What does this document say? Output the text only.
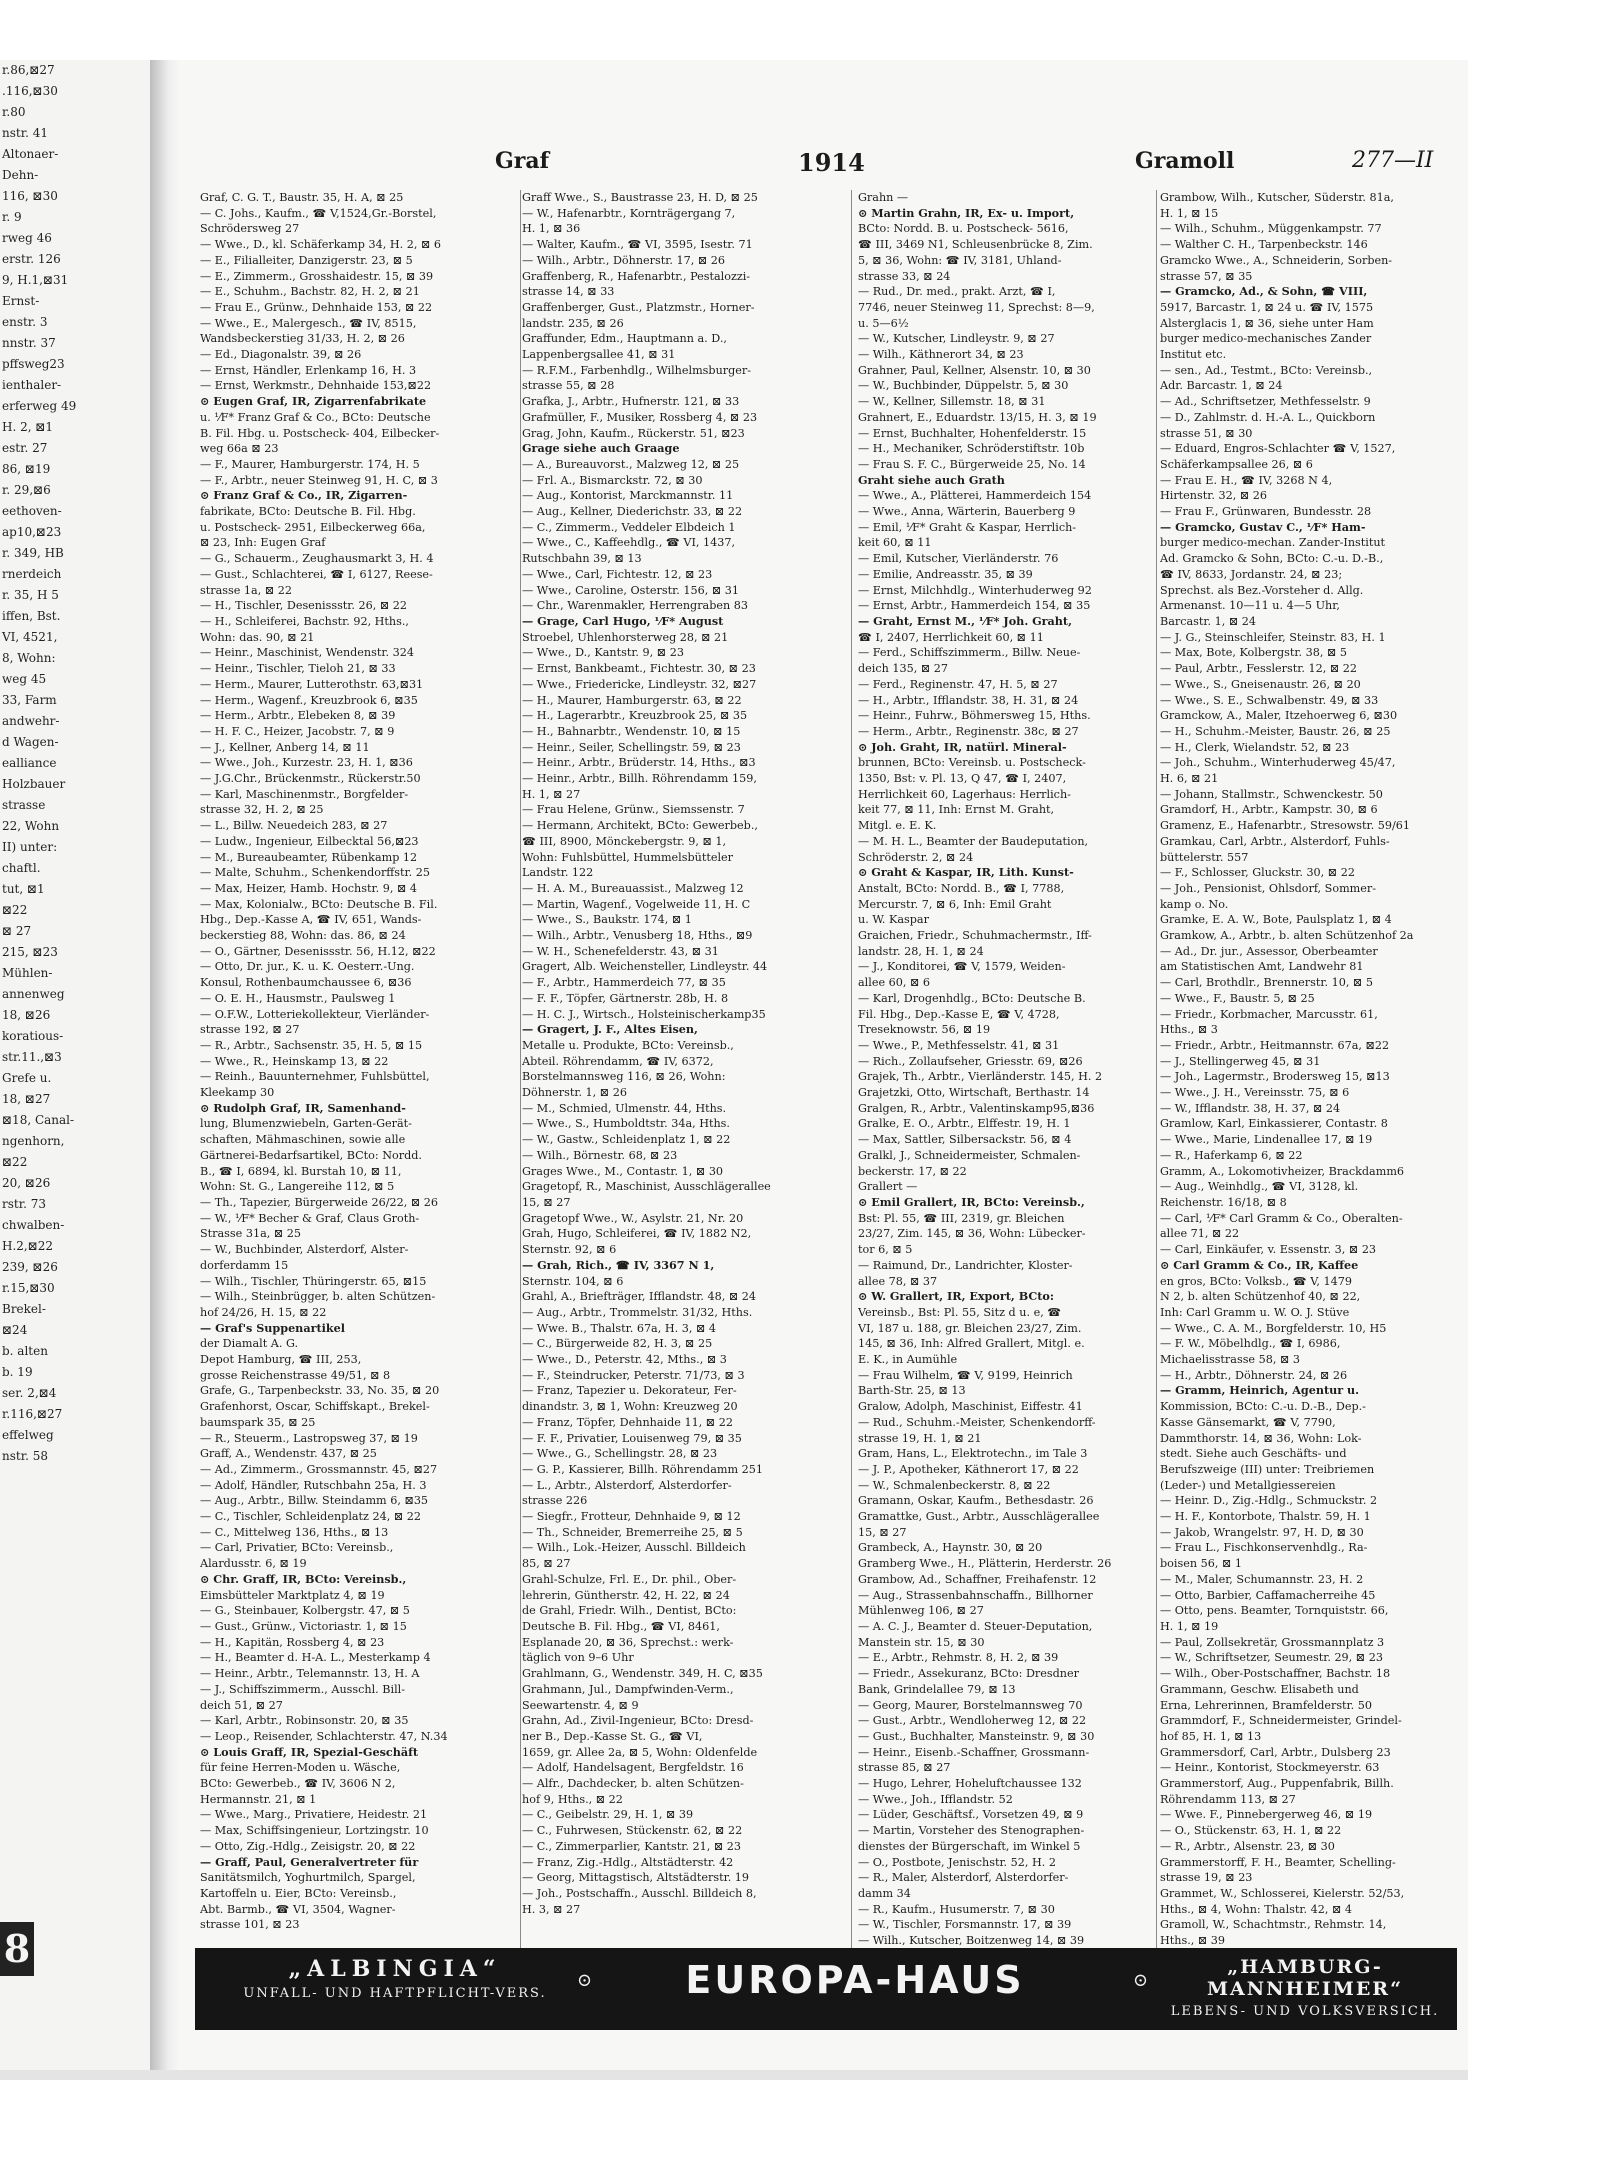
r.86,⊠27
.116,⊠30
r.80
nstr. 41
Altonaer-
Dehn-
116, ⊠30
r. 9
rweg 46
erstr. 126
9, H.1,⊠31
Ernst-
enstr. 3
nnstr. 37
pffsweg23
ienthaler-
erferweg 49
H. 2, ⊠1
estr. 27
86, ⊠19
r. 29,⊠6
eethoven-
ap10,⊠23
r. 349, HB
rnerdeich
r. 35, H 5
iffen, Bst.
VI, 4521,
8, Wohn:
weg 45
33, Farm
andwehr-
d Wagen-
ealliance
Holzbauer
strasse
22, Wohn
II) unter:
chaftl.
tut, ⊠1
⊠22
⊠ 27
215, ⊠23
Mühlen-
annenweg
18, ⊠26
koratious-
str.11.,⊠3
Grefe u.
18, ⊠27
⊠18, Canal-
ngenhorn,
⊠22
20, ⊠26
rstr. 73
chwalben-
H.2,⊠22
239, ⊠26
r.15,⊠30
Brekel-
⊠24
b. alten
b. 19
ser. 2,⊠4
r.116,⊠27
effelweg
nstr. 58
8
Graf	1914	Gramoll	277—II

Graf, C. G. T., Baustr. 35, H. A, ⊠ 25

— C. Johs., Kaufm., ☎ V,1524,Gr.-Borstel,

Schrödersweg 27

— Wwe., D., kl. Schäferkamp 34, H. 2, ⊠ 6

— E., Filialleiter, Danzigerstr. 23, ⊠ 5

— E., Zimmerm., Grosshaidestr. 15, ⊠ 39

— E., Schuhm., Bachstr. 82, H. 2, ⊠ 21

— Frau E., Grünw., Dehnhaide 153, ⊠ 22

— Wwe., E., Malergesch., ☎ IV, 8515,

Wandsbeckerstieg 31/33, H. 2, ⊠ 26

— Ed., Diagonalstr. 39, ⊠ 26

— Ernst, Händler, Erlenkamp 16, H. 3

— Ernst, Werkmstr., Dehnhaide 153,⊠22

⊙ Eugen Graf, IR, Zigarrenfabrikate

u. ⅟F* Franz Graf & Co., BCto: Deutsche

B. Fil. Hbg. u. Postscheck- 404, Eilbecker-

weg 66a ⊠ 23

— F., Maurer, Hamburgerstr. 174, H. 5

— F., Arbtr., neuer Steinweg 91, H. C, ⊠ 3

⊙ Franz Graf & Co., IR, Zigarren-

fabrikate, BCto: Deutsche B. Fil. Hbg.

u. Postscheck- 2951, Eilbeckerweg 66a,

⊠ 23, Inh: Eugen Graf

— G., Schauerm., Zeughausmarkt 3, H. 4

— Gust., Schlachterei, ☎ I, 6127, Reese-

strasse 1a, ⊠ 22

— H., Tischler, Desenissstr. 26, ⊠ 22

— H., Schleiferei, Bachstr. 92, Hths.,

Wohn: das. 90, ⊠ 21

— Heinr., Maschinist, Wendenstr. 324

— Heinr., Tischler, Tieloh 21, ⊠ 33

— Herm., Maurer, Lutterothstr. 63,⊠31

— Herm., Wagenf., Kreuzbrook 6, ⊠35

— Herm., Arbtr., Elebeken 8, ⊠ 39

— H. F. C., Heizer, Jacobstr. 7, ⊠ 9

— J., Kellner, Anberg 14, ⊠ 11

— Wwe., Joh., Kurzestr. 23, H. 1, ⊠36

— J.G.Chr., Brückenmstr., Rückerstr.50

— Karl, Maschinenmstr., Borgfelder-

strasse 32, H. 2, ⊠ 25

— L., Billw. Neuedeich 283, ⊠ 27

— Ludw., Ingenieur, Eilbecktal 56,⊠23

— M., Bureaubeamter, Rübenkamp 12

— Malte, Schuhm., Schenkendorffstr. 25

— Max, Heizer, Hamb. Hochstr. 9, ⊠ 4

— Max, Kolonialw., BCto: Deutsche B. Fil.

Hbg., Dep.-Kasse A, ☎ IV, 651, Wands-

beckerstieg 88, Wohn: das. 86, ⊠ 24

— O., Gärtner, Desenissstr. 56, H.12, ⊠22

— Otto, Dr. jur., K. u. K. Oesterr.-Ung.

Konsul, Rothenbaumchaussee 6, ⊠36

— O. E. H., Hausmstr., Paulsweg 1

— O.F.W., Lotteriekollekteur, Vierländer-

strasse 192, ⊠ 27

— R., Arbtr., Sachsenstr. 35, H. 5, ⊠ 15

— Wwe., R., Heinskamp 13, ⊠ 22

— Reinh., Bauunternehmer, Fuhlsbüttel,

Kleekamp 30

⊙ Rudolph Graf, IR, Samenhand-

lung, Blumenzwiebeln, Garten-Gerät-

schaften, Mähmaschinen, sowie alle

Gärtnerei-Bedarfsartikel, BCto: Nordd.

B., ☎ I, 6894, kl. Burstah 10, ⊠ 11,

Wohn: St. G., Langereihe 112, ⊠ 5

— Th., Tapezier, Bürgerweide 26/22, ⊠ 26

— W., ⅟F* Becher & Graf, Claus Groth-

Strasse 31a, ⊠ 25

— W., Buchbinder, Alsterdorf, Alster-

dorferdamm 15

— Wilh., Tischler, Thüringerstr. 65, ⊠15

— Wilh., Steinbrügger, b. alten Schützen-

hof 24/26, H. 15, ⊠ 22

— Graf's Suppenartikel

der Diamalt A. G.

Depot Hamburg, ☎ III, 253,

grosse Reichenstrasse 49/51, ⊠ 8

Grafe, G., Tarpenbeckstr. 33, No. 35, ⊠ 20

Grafenhorst, Oscar, Schiffskapt., Brekel-

baumspark 35, ⊠ 25

— R., Steuerm., Lastropsweg 37, ⊠ 19

Graff, A., Wendenstr. 437, ⊠ 25

— Ad., Zimmerm., Grossmannstr. 45, ⊠27

— Adolf, Händler, Rutschbahn 25a, H. 3

— Aug., Arbtr., Billw. Steindamm 6, ⊠35

— C., Tischler, Schleidenplatz 24, ⊠ 22

— C., Mittelweg 136, Hths., ⊠ 13

— Carl, Privatier, BCto: Vereinsb.,

Alardusstr. 6, ⊠ 19

⊙ Chr. Graff, IR, BCto: Vereinsb.,

Eimsbütteler Marktplatz 4, ⊠ 19

— G., Steinbauer, Kolbergstr. 47, ⊠ 5

— Gust., Grünw., Victoriastr. 1, ⊠ 15

— H., Kapitän, Rossberg 4, ⊠ 23

— H., Beamter d. H-A. L., Mesterkamp 4

— Heinr., Arbtr., Telemannstr. 13, H. A

— J., Schiffszimmerm., Ausschl. Bill-

deich 51, ⊠ 27

— Karl, Arbtr., Robinsonstr. 20, ⊠ 35

— Leop., Reisender, Schlachterstr. 47, N.34

⊙ Louis Graff, IR, Spezial-Geschäft

für feine Herren-Moden u. Wäsche,

BCto: Gewerbeb., ☎ IV, 3606 N 2,

Hermannstr. 21, ⊠ 1

— Wwe., Marg., Privatiere, Heidestr. 21

— Max, Schiffsingenieur, Lortzingstr. 10

— Otto, Zig.-Hdlg., Zeisigstr. 20, ⊠ 22

— Graff, Paul, Generalvertreter für

Sanitätsmilch, Yoghurtmilch, Spargel,

Kartoffeln u. Eier, BCto: Vereinsb.,

Abt. Barmb., ☎ VI, 3504, Wagner-

strasse 101, ⊠ 23

Graff Wwe., S., Baustrasse 23, H. D, ⊠ 25

— W., Hafenarbtr., Kornträgergang 7,

H. 1, ⊠ 36

— Walter, Kaufm., ☎ VI, 3595, Isestr. 71

— Wilh., Arbtr., Döhnerstr. 17, ⊠ 26

Graffenberg, R., Hafenarbtr., Pestalozzi-

strasse 14, ⊠ 33

Graffenberger, Gust., Platzmstr., Horner-

landstr. 235, ⊠ 26

Graffunder, Edm., Hauptmann a. D.,

Lappenbergsallee 41, ⊠ 31

— R.F.M., Farbenhdlg., Wilhelmsburger-

strasse 55, ⊠ 28

Grafka, J., Arbtr., Hufnerstr. 121, ⊠ 33

Grafmüller, F., Musiker, Rossberg 4, ⊠ 23

Grag, John, Kaufm., Rückerstr. 51, ⊠23

Grage siehe auch Graage

— A., Bureauvorst., Malzweg 12, ⊠ 25

— Frl. A., Bismarckstr. 72, ⊠ 30

— Aug., Kontorist, Marckmannstr. 11

— Aug., Kellner, Diederichstr. 33, ⊠ 22

— C., Zimmerm., Veddeler Elbdeich 1

— Wwe., C., Kaffeehdlg., ☎ VI, 1437,

Rutschbahn 39, ⊠ 13

— Wwe., Carl, Fichtestr. 12, ⊠ 23

— Wwe., Caroline, Osterstr. 156, ⊠ 31

— Chr., Warenmakler, Herrengraben 83

— Grage, Carl Hugo, ⅟F* August

Stroebel, Uhlenhorsterweg 28, ⊠ 21

— Wwe., D., Kantstr. 9, ⊠ 23

— Ernst, Bankbeamt., Fichtestr. 30, ⊠ 23

— Wwe., Friedericke, Lindleystr. 32, ⊠27

— H., Maurer, Hamburgerstr. 63, ⊠ 22

— H., Lagerarbtr., Kreuzbrook 25, ⊠ 35

— H., Bahnarbtr., Wendenstr. 10, ⊠ 15

— Heinr., Seiler, Schellingstr. 59, ⊠ 23

— Heinr., Arbtr., Brüderstr. 14, Hths., ⊠3

— Heinr., Arbtr., Billh. Röhrendamm 159,

H. 1, ⊠ 27

— Frau Helene, Grünw., Siemssenstr. 7

— Hermann, Architekt, BCto: Gewerbeb.,

☎ III, 8900, Mönckebergstr. 9, ⊠ 1,

Wohn: Fuhlsbüttel, Hummelsbütteler

Landstr. 122

— H. A. M., Bureauassist., Malzweg 12

— Martin, Wagenf., Vogelweide 11, H. C

— Wwe., S., Baukstr. 174, ⊠ 1

— Wilh., Arbtr., Venusberg 18, Hths., ⊠9

— W. H., Schenefelderstr. 43, ⊠ 31

Gragert, Alb. Weichensteller, Lindleystr. 44

— F., Arbtr., Hammerdeich 77, ⊠ 35

— F. F., Töpfer, Gärtnerstr. 28b, H. 8

— H. C. J., Wirtsch., Holsteinischerkamp35

— Gragert, J. F., Altes Eisen,

Metalle u. Produkte, BCto: Vereinsb.,

Abteil. Röhrendamm, ☎ IV, 6372,

Borstelmannsweg 116, ⊠ 26, Wohn:

Döhnerstr. 1, ⊠ 26

— M., Schmied, Ulmenstr. 44, Hths.

— Wwe., S., Humboldtstr. 34a, Hths.

— W., Gastw., Schleidenplatz 1, ⊠ 22

— Wilh., Börnestr. 68, ⊠ 23

Grages Wwe., M., Contastr. 1, ⊠ 30

Gragetopf, R., Maschinist, Ausschlägerallee

15, ⊠ 27

Gragetopf Wwe., W., Asylstr. 21, Nr. 20

Grah, Hugo, Schleiferei, ☎ IV, 1882 N2,

Sternstr. 92, ⊠ 6

— Grah, Rich., ☎ IV, 3367 N 1,

Sternstr. 104, ⊠ 6

Grahl, A., Briefträger, Ifflandstr. 48, ⊠ 24

— Aug., Arbtr., Trommelstr. 31/32, Hths.

— Wwe. B., Thalstr. 67a, H. 3, ⊠ 4

— C., Bürgerweide 82, H. 3, ⊠ 25

— Wwe., D., Peterstr. 42, Mths., ⊠ 3

— F., Steindrucker, Peterstr. 71/73, ⊠ 3

— Franz, Tapezier u. Dekorateur, Fer-

dinandstr. 3, ⊠ 1, Wohn: Kreuzweg 20

— Franz, Töpfer, Dehnhaide 11, ⊠ 22

— F. F., Privatier, Louisenweg 79, ⊠ 35

— Wwe., G., Schellingstr. 28, ⊠ 23

— G. P., Kassierer, Billh. Röhrendamm 251

— L., Arbtr., Alsterdorf, Alsterdorfer-

strasse 226

— Siegfr., Frotteur, Dehnhaide 9, ⊠ 12

— Th., Schneider, Bremerreihe 25, ⊠ 5

— Wilh., Lok.-Heizer, Ausschl. Billdeich

85, ⊠ 27

Grahl-Schulze, Frl. E., Dr. phil., Ober-

lehrerin, Güntherstr. 42, H. 22, ⊠ 24

de Grahl, Friedr. Wilh., Dentist, BCto:

Deutsche B. Fil. Hbg., ☎ VI, 8461,

Esplanade 20, ⊠ 36, Sprechst.: werk-

täglich von 9–6 Uhr

Grahlmann, G., Wendenstr. 349, H. C, ⊠35

Grahmann, Jul., Dampfwinden-Verm.,

Seewartenstr. 4, ⊠ 9

Grahn, Ad., Zivil-Ingenieur, BCto: Dresd-

ner B., Dep.-Kasse St. G., ☎ VI,

1659, gr. Allee 2a, ⊠ 5, Wohn: Oldenfelde

— Adolf, Handelsagent, Bergfeldstr. 16

— Alfr., Dachdecker, b. alten Schützen-

hof 9, Hths., ⊠ 22

— C., Geibelstr. 29, H. 1, ⊠ 39

— C., Fuhrwesen, Stückenstr. 62, ⊠ 22

— C., Zimmerparlier, Kantstr. 21, ⊠ 23

— Franz, Zig.-Hdlg., Altstädterstr. 42

— Georg, Mittagstisch, Altstädterstr. 19

— Joh., Postschaffn., Ausschl. Billdeich 8,

H. 3, ⊠ 27

Grahn —

⊙ Martin Grahn, IR, Ex- u. Import,

BCto: Nordd. B. u. Postscheck- 5616,

☎ III, 3469 N1, Schleusenbrücke 8, Zim.

5, ⊠ 36, Wohn: ☎ IV, 3181, Uhland-

strasse 33, ⊠ 24

— Rud., Dr. med., prakt. Arzt, ☎ I,

7746, neuer Steinweg 11, Sprechst: 8—9,

u. 5—6½

— W., Kutscher, Lindleystr. 9, ⊠ 27

— Wilh., Käthnerort 34, ⊠ 23

Grahner, Paul, Kellner, Alsenstr. 10, ⊠ 30

— W., Buchbinder, Düppelstr. 5, ⊠ 30

— W., Kellner, Sillemstr. 18, ⊠ 31

Grahnert, E., Eduardstr. 13/15, H. 3, ⊠ 19

— Ernst, Buchhalter, Hohenfelderstr. 15

— H., Mechaniker, Schröderstiftstr. 10b

— Frau S. F. C., Bürgerweide 25, No. 14

Graht siehe auch Grath

— Wwe., A., Plätterei, Hammerdeich 154

— Wwe., Anna, Wärterin, Bauerberg 9

— Emil, ⅟F* Graht & Kaspar, Herrlich-

keit 60, ⊠ 11

— Emil, Kutscher, Vierländerstr. 76

— Emilie, Andreasstr. 35, ⊠ 39

— Ernst, Milchhdlg., Winterhuderweg 92

— Ernst, Arbtr., Hammerdeich 154, ⊠ 35

— Graht, Ernst M., ⅟F* Joh. Graht,

☎ I, 2407, Herrlichkeit 60, ⊠ 11

— Ferd., Schiffszimmerm., Billw. Neue-

deich 135, ⊠ 27

— Ferd., Reginenstr. 47, H. 5, ⊠ 27

— H., Arbtr., Ifflandstr. 38, H. 31, ⊠ 24

— Heinr., Fuhrw., Böhmersweg 15, Hths.

— Herm., Arbtr., Reginenstr. 38c, ⊠ 27

⊙ Joh. Graht, IR, natürl. Mineral-

brunnen, BCto: Vereinsb. u. Postscheck-

1350, Bst: v. Pl. 13, Q 47, ☎ I, 2407,

Herrlichkeit 60, Lagerhaus: Herrlich-

keit 77, ⊠ 11, Inh: Ernst M. Graht,

Mitgl. e. E. K.

— M. H. L., Beamter der Baudeputation,

Schröderstr. 2, ⊠ 24

⊙ Graht & Kaspar, IR, Lith. Kunst-

Anstalt, BCto: Nordd. B., ☎ I, 7788,

Mercurstr. 7, ⊠ 6, Inh: Emil Graht

u. W. Kaspar

Graichen, Friedr., Schuhmachermstr., Iff-

landstr. 28, H. 1, ⊠ 24

— J., Konditorei, ☎ V, 1579, Weiden-

allee 60, ⊠ 6

— Karl, Drogenhdlg., BCto: Deutsche B.

Fil. Hbg., Dep.-Kasse E, ☎ V, 4728,

Treseknowstr. 56, ⊠ 19

— Wwe., P., Methfesselstr. 41, ⊠ 31

— Rich., Zollaufseher, Griesstr. 69, ⊠26

Grajek, Th., Arbtr., Vierländerstr. 145, H. 2

Grajetzki, Otto, Wirtschaft, Berthastr. 14

Gralgen, R., Arbtr., Valentinskamp95,⊠36

Gralke, E. O., Arbtr., Elffestr. 19, H. 1

— Max, Sattler, Silbersackstr. 56, ⊠ 4

Gralkl, J., Schneidermeister, Schmalen-

beckerstr. 17, ⊠ 22

Grallert —

⊙ Emil Grallert, IR, BCto: Vereinsb.,

Bst: Pl. 55, ☎ III, 2319, gr. Bleichen

23/27, Zim. 145, ⊠ 36, Wohn: Lübecker-

tor 6, ⊠ 5

— Raimund, Dr., Landrichter, Kloster-

allee 78, ⊠ 37

⊙ W. Grallert, IR, Export, BCto:

Vereinsb., Bst: Pl. 55, Sitz d u. e, ☎

VI, 187 u. 188, gr. Bleichen 23/27, Zim.

145, ⊠ 36, Inh: Alfred Grallert, Mitgl. e.

E. K., in Aumühle

— Frau Wilhelm, ☎ V, 9199, Heinrich

Barth-Str. 25, ⊠ 13

Gralow, Adolph, Maschinist, Eiffestr. 41

— Rud., Schuhm.-Meister, Schenkendorff-

strasse 19, H. 1, ⊠ 21

Gram, Hans, L., Elektrotechn., im Tale 3

— J. P., Apotheker, Käthnerort 17, ⊠ 22

— W., Schmalenbeckerstr. 8, ⊠ 22

Gramann, Oskar, Kaufm., Bethesdastr. 26

Gramattke, Gust., Arbtr., Ausschlägerallee

15, ⊠ 27

Grambeck, A., Haynstr. 30, ⊠ 20

Gramberg Wwe., H., Plätterin, Herderstr. 26

Grambow, Ad., Schaffner, Freihafenstr. 12

— Aug., Strassenbahnschaffn., Billhorner

Mühlenweg 106, ⊠ 27

— A. C. J., Beamter d. Steuer-Deputation,

Manstein str. 15, ⊠ 30

— E., Arbtr., Rehmstr. 8, H. 2, ⊠ 39

— Friedr., Assekuranz, BCto: Dresdner

Bank, Grindelallee 79, ⊠ 13

— Georg, Maurer, Borstelmannsweg 70

— Gust., Arbtr., Wendloherweg 12, ⊠ 22

— Gust., Buchhalter, Mansteinstr. 9, ⊠ 30

— Heinr., Eisenb.-Schaffner, Grossmann-

strasse 85, ⊠ 27

— Hugo, Lehrer, Hoheluftchaussee 132

— Wwe., Joh., Ifflandstr. 52

— Lüder, Geschäftsf., Vorsetzen 49, ⊠ 9

— Martin, Vorsteher des Stenographen-

dienstes der Bürgerschaft, im Winkel 5

— O., Postbote, Jenischstr. 52, H. 2

— R., Maler, Alsterdorf, Alsterdorfer-

damm 34

— R., Kaufm., Husumerstr. 7, ⊠ 30

— W., Tischler, Forsmannstr. 17, ⊠ 39

— Wilh., Kutscher, Boitzenweg 14, ⊠ 39

Grambow, Wilh., Kutscher, Süderstr. 81a,

H. 1, ⊠ 15

— Wilh., Schuhm., Müggenkampstr. 77

— Walther C. H., Tarpenbeckstr. 146

Gramcko Wwe., A., Schneiderin, Sorben-

strasse 57, ⊠ 35

— Gramcko, Ad., & Sohn, ☎ VIII,

5917, Barcastr. 1, ⊠ 24 u. ☎ IV, 1575

Alsterglacis 1, ⊠ 36, siehe unter Ham

burger medico-mechanisches Zander

Institut etc.

— sen., Ad., Testmt., BCto: Vereinsb.,

Adr. Barcastr. 1, ⊠ 24

— Ad., Schriftsetzer, Methfesselstr. 9

— D., Zahlmstr. d. H.-A. L., Quickborn

strasse 51, ⊠ 30

— Eduard, Engros-Schlachter ☎ V, 1527,

Schäferkampsallee 26, ⊠ 6

— Frau E. H., ☎ IV, 3268 N 4,

Hirtenstr. 32, ⊠ 26

— Frau F., Grünwaren, Bundesstr. 28

— Gramcko, Gustav C., ⅟F* Ham-

burger medico-mechan. Zander-Institut

Ad. Gramcko & Sohn, BCto: C.-u. D.-B.,

☎ IV, 8633, Jordanstr. 24, ⊠ 23;

Sprechst. als Bez.-Vorsteher d. Allg.

Armenanst. 10—11 u. 4—5 Uhr,

Barcastr. 1, ⊠ 24

— J. G., Steinschleifer, Steinstr. 83, H. 1

— Max, Bote, Kolbergstr. 38, ⊠ 5

— Paul, Arbtr., Fesslerstr. 12, ⊠ 22

— Wwe., S., Gneisenaustr. 26, ⊠ 20

— Wwe., S. E., Schwalbenstr. 49, ⊠ 33

Gramckow, A., Maler, Itzehoerweg 6, ⊠30

— H., Schuhm.-Meister, Baustr. 26, ⊠ 25

— H., Clerk, Wielandstr. 52, ⊠ 23

— Joh., Schuhm., Winterhuderweg 45/47,

H. 6, ⊠ 21

— Johann, Stallmstr., Schwenckestr. 50

Gramdorf, H., Arbtr., Kampstr. 30, ⊠ 6

Gramenz, E., Hafenarbtr., Stresowstr. 59/61

Gramkau, Carl, Arbtr., Alsterdorf, Fuhls-

büttelerstr. 557

— F., Schlosser, Gluckstr. 30, ⊠ 22

— Joh., Pensionist, Ohlsdorf, Sommer-

kamp o. No.

Gramke, E. A. W., Bote, Paulsplatz 1, ⊠ 4

Gramkow, A., Arbtr., b. alten Schützenhof 2a

— Ad., Dr. jur., Assessor, Oberbeamter

am Statistischen Amt, Landwehr 81

— Carl, Brothdlr., Brennerstr. 10, ⊠ 5

— Wwe., F., Baustr. 5, ⊠ 25

— Friedr., Korbmacher, Marcusstr. 61,

Hths., ⊠ 3

— Friedr., Arbtr., Heitmannstr. 67a, ⊠22

— J., Stellingerweg 45, ⊠ 31

— Joh., Lagermstr., Brodersweg 15, ⊠13

— Wwe., J. H., Vereinsstr. 75, ⊠ 6

— W., Ifflandstr. 38, H. 37, ⊠ 24

Gramlow, Karl, Einkassierer, Contastr. 8

— Wwe., Marie, Lindenallee 17, ⊠ 19

— R., Haferkamp 6, ⊠ 22

Gramm, A., Lokomotivheizer, Brackdamm6

— Aug., Weinhdlg., ☎ VI, 3128, kl.

Reichenstr. 16/18, ⊠ 8

— Carl, ⅟F* Carl Gramm & Co., Oberalten-

allee 71, ⊠ 22

— Carl, Einkäufer, v. Essenstr. 3, ⊠ 23

⊙ Carl Gramm & Co., IR, Kaffee

en gros, BCto: Volksb., ☎ V, 1479

N 2, b. alten Schützenhof 40, ⊠ 22,

Inh: Carl Gramm u. W. O. J. Stüve

— Wwe., C. A. M., Borgfelderstr. 10, H5

— F. W., Möbelhdlg., ☎ I, 6986,

Michaelisstrasse 58, ⊠ 3

— H., Arbtr., Döhnerstr. 24, ⊠ 26

— Gramm, Heinrich, Agentur u.

Kommission, BCto: C.-u. D.-B., Dep.-

Kasse Gänsemarkt, ☎ V, 7790,

Dammthorstr. 14, ⊠ 36, Wohn: Lok-

stedt. Siehe auch Geschäfts- und

Berufszweige (III) unter: Treibriemen

(Leder-) und Metallgiessereien

— Heinr. D., Zig.-Hdlg., Schmuckstr. 2

— H. F., Kontorbote, Thalstr. 59, H. 1

— Jakob, Wrangelstr. 97, H. D, ⊠ 30

— Frau L., Fischkonservenhdlg., Ra-

boisen 56, ⊠ 1

— M., Maler, Schumannstr. 23, H. 2

— Otto, Barbier, Caffamacherreihe 45

— Otto, pens. Beamter, Tornquiststr. 66,

H. 1, ⊠ 19

— Paul, Zollsekretär, Grossmannplatz 3

— W., Schriftsetzer, Seumestr. 29, ⊠ 23

— Wilh., Ober-Postschaffner, Bachstr. 18

Grammann, Geschw. Elisabeth und

Erna, Lehrerinnen, Bramfelderstr. 50

Grammdorf, F., Schneidermeister, Grindel-

hof 85, H. 1, ⊠ 13

Grammersdorf, Carl, Arbtr., Dulsberg 23

— Heinr., Kontorist, Stockmeyerstr. 63

Grammerstorf, Aug., Puppenfabrik, Billh.

Röhrendamm 113, ⊠ 27

— Wwe. F., Pinnebergerweg 46, ⊠ 19

— O., Stückenstr. 63, H. 1, ⊠ 22

— R., Arbtr., Alsenstr. 23, ⊠ 30

Grammerstorff, F. H., Beamter, Schelling-

strasse 19, ⊠ 23

Grammet, W., Schlosserei, Kielerstr. 52/53,

Hths., ⊠ 4, Wohn: Thalstr. 42, ⊠ 4

Gramoll, W., Schachtmstr., Rehmstr. 14,

Hths., ⊠ 39

„ALBINGIA“
UNFALL- UND HAFTPFLICHT-VERS.
⊙	EUROPA-HAUS	⊙
„HAMBURG-MANNHEIMER“
LEBENS- UND VOLKSVERSICH.
